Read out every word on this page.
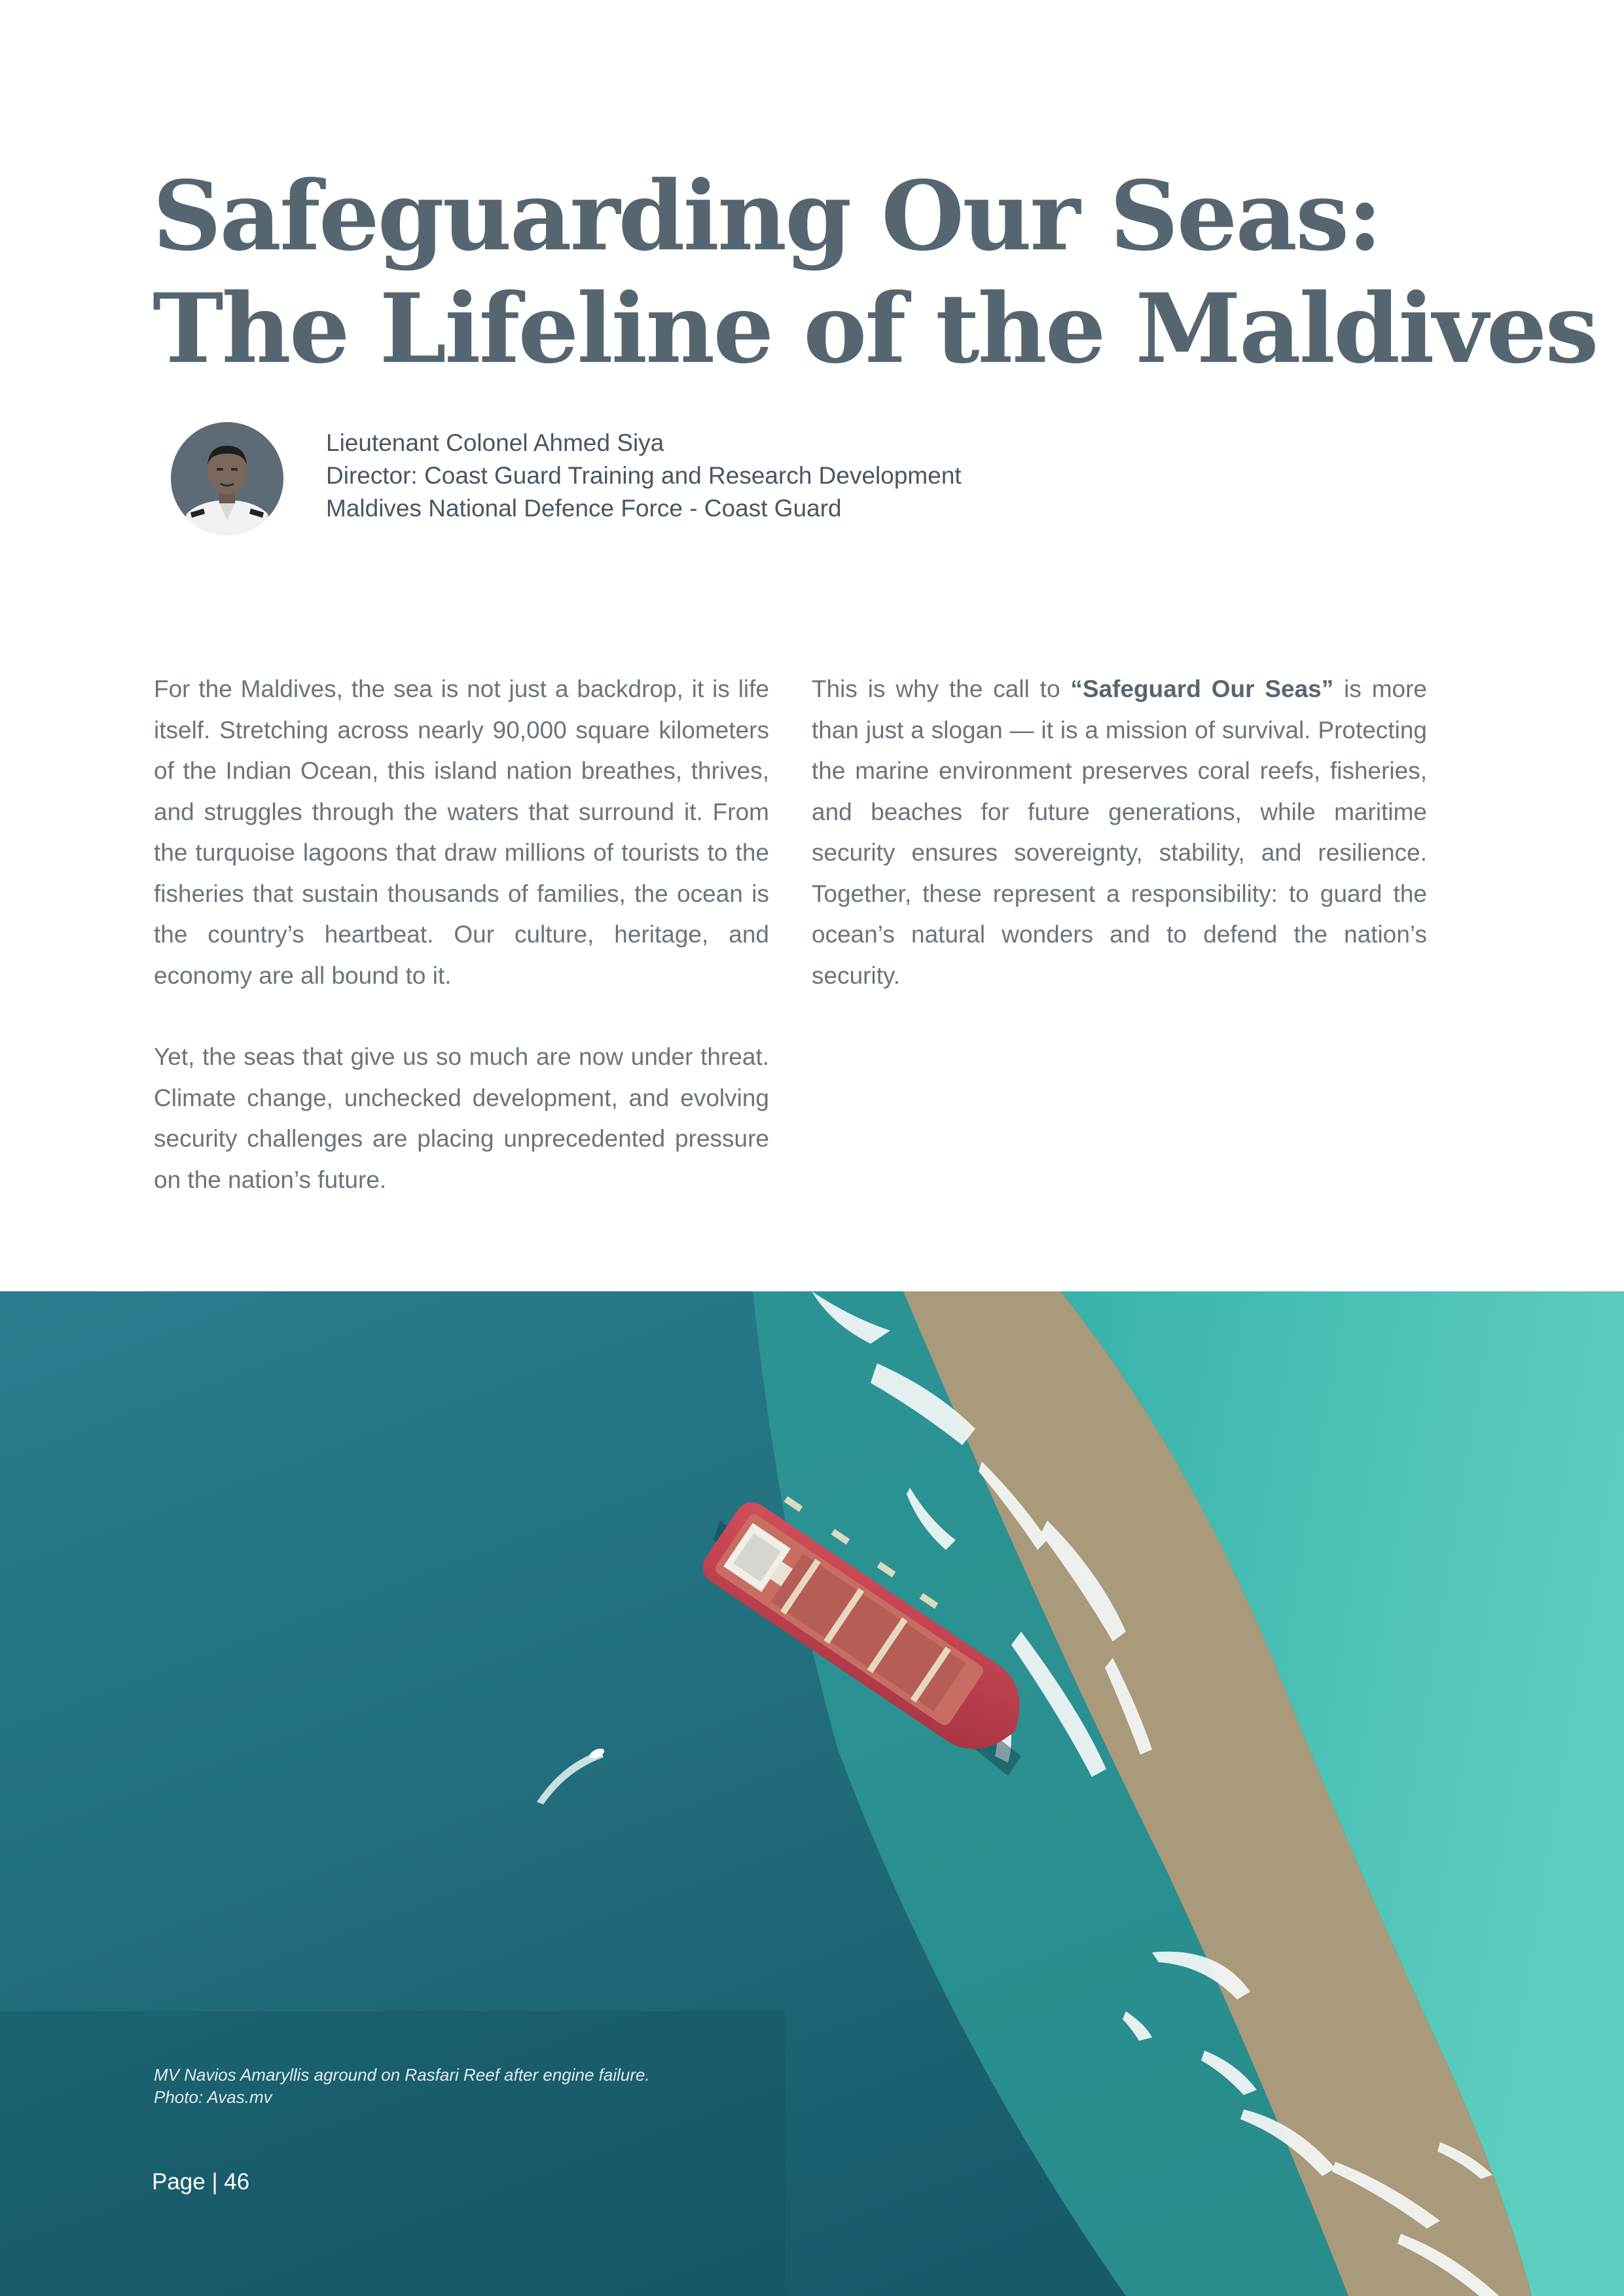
Safeguarding Our Seas:
The Lifeline of the Maldives
Lieutenant Colonel Ahmed Siya
Director: Coast Guard Training and Research Development
Maldives National Defence Force - Coast Guard

For the Maldives, the sea is not just a backdrop, it is life itself. Stretching across nearly 90,000 square kilometers of the Indian Ocean, this island nation breathes, thrives, and struggles through the waters that surround it. From the turquoise lagoons that draw millions of tourists to the fisheries that sustain thousands of families, the ocean is the country’s heartbeat. Our culture, heritage, and economy are all bound to it.

Yet, the seas that give us so much are now under threat. Climate change, unchecked development, and evolving security challenges are placing unprecedented pressure on the nation’s future.

This is why the call to “Safeguard Our Seas” is more than just a slogan — it is a mission of survival. Protecting the marine environment preserves coral reefs, fisheries, and beaches for future generations, while maritime security ensures sovereignty, stability, and resilience. Together, these represent a responsibility: to guard the ocean’s natural wonders and to defend the nation’s security.

MV Navios Amaryllis aground on Rasfari Reef after engine failure.
Photo: Avas.mv
Page | 46
